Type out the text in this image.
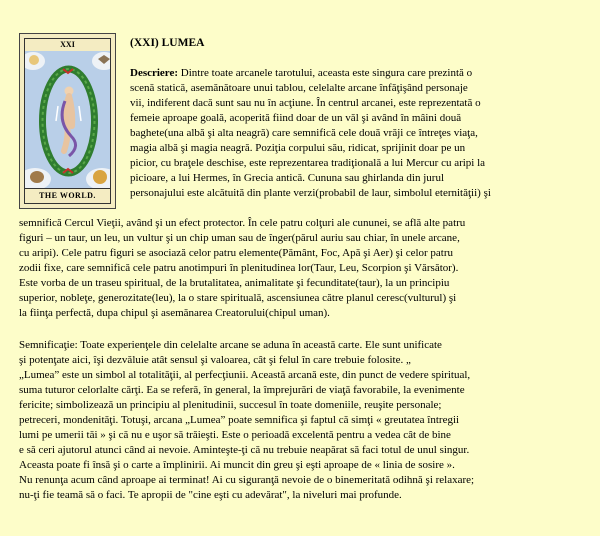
XXI
THE WORLD.
(XXI) LUMEA
Descriere: Dintre toate arcanele tarotului, aceasta este singura care prezintă o
scenă statică, asemănătoare unui tablou, celelalte arcane înfăţişând personaje
vii, indiferent dacă sunt sau nu în acţiune. În centrul arcanei, este reprezentată o
femeie aproape goală, acoperită fiind doar de un văl şi având în mâini două
baghete(una albă şi alta neagră) care semnifică cele două vrăji ce întreţes viaţa,
magia albă şi magia neagră. Poziţia corpului său, ridicat, sprijinit doar pe un
picior, cu braţele deschise, este reprezentarea tradiţională a lui Mercur cu aripi la
picioare, a lui Hermes, în Grecia antică. Cununa sau ghirlanda din jurul
personajului este alcătuită din plante verzi(probabil de laur, simbolul eternităţii) şi
semnifică Cercul Vieţii, având şi un efect protector. În cele patru colţuri ale cununei, se află alte patru
figuri – un taur, un leu, un vultur şi un chip uman sau de înger(părul auriu sau chiar, în unele arcane,
cu aripi). Cele patru figuri se asociază celor patru elemente(Pământ, Foc, Apă şi Aer) şi celor patru
zodii fixe, care semnifică cele patru anotimpuri în plenitudinea lor(Taur, Leu, Scorpion şi Vărsător).
Este vorba de un traseu spiritual, de la brutalitatea, animalitate şi fecunditate(taur), la un principiu
superior, nobleţe, generozitate(leu), la o stare spirituală, ascensiunea către planul ceresc(vulturul) şi
la fiinţa perfectă, dupa chipul şi asemănarea Creatorului(chipul uman).
Semnificaţie: Toate experienţele din celelalte arcane se aduna în această carte. Ele sunt unificate
şi potenţate aici, îşi dezvăluie atât sensul şi valoarea, cât şi felul în care trebuie folosite. „
„Lumea” este un simbol al totalităţii, al perfecţiunii. Această arcană este, din punct de vedere spiritual,
suma tuturor celorlalte cărţi. Ea se referă, în general, la împrejurări de viaţă favorabile, la evenimente
fericite; simbolizează un principiu al plenitudinii, succesul în toate domeniile, reuşite personale;
petreceri, mondenităţi. Totuşi, arcana „Lumea” poate semnifica şi faptul că simţi « greutatea întregii
lumi pe umerii tăi » şi că nu e uşor să trăieşti. Este o perioadă excelentă pentru a vedea cât de bine
e să ceri ajutorul atunci când ai nevoie. Aminteşte-ţi că nu trebuie neapărat să faci totul de unul singur.
Aceasta poate fi însă şi o carte a împlinirii. Ai muncit din greu şi eşti aproape de « linia de sosire ».
Nu renunţa acum când aproape ai terminat! Ai cu siguranţă nevoie de o binemeritată odihnă şi relaxare;
nu-ţi fie teamă să o faci. Te apropii de "cine eşti cu adevărat", la niveluri mai profunde.
